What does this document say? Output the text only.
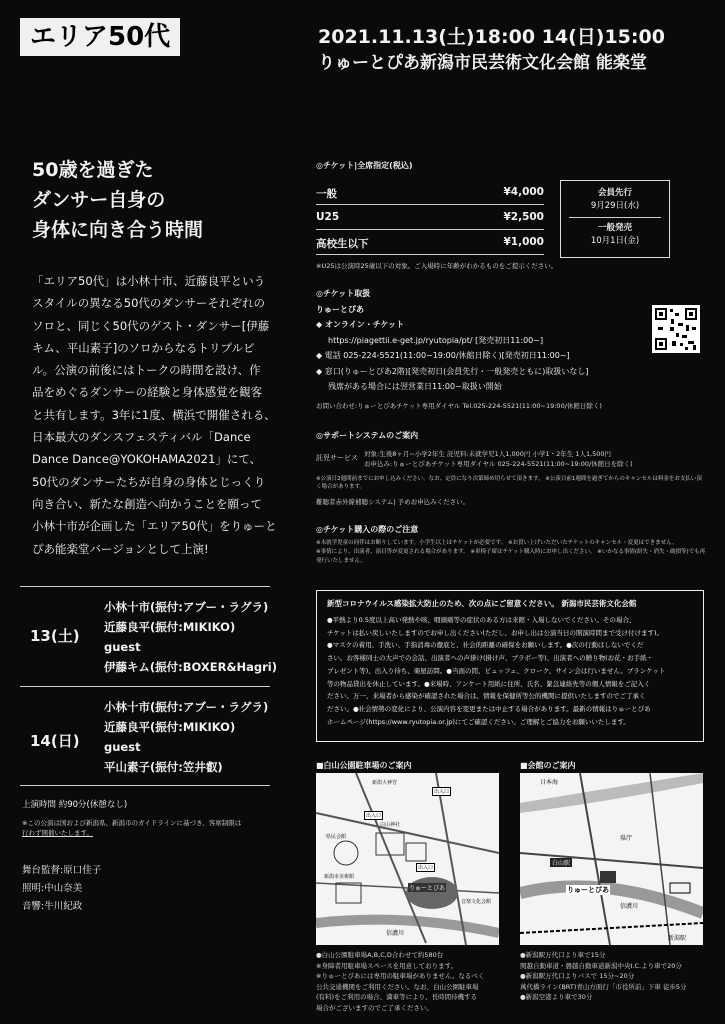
エリア50代	2021.11.13(土)18:00 14(日)15:00
りゅーとぴあ新潟市民芸術文化会館 能楽堂
50歳を過ぎた
ダンサー自身の
身体に向き合う時間
「エリア50代」は小林十市、近藤良平という
スタイルの異なる50代のダンサーそれぞれの
ソロと、同じく50代のゲスト・ダンサー[伊藤
キム、平山素子]のソロからなるトリプルビ
ル。公演の前後にはトークの時間を設け、作
品をめぐるダンサーの経験と身体感覚を観客
と共有します。3年に1度、横浜で開催される、
日本最大のダンスフェスティバル「Dance
Dance Dance@YOKOHAMA2021」にて、
50代のダンサーたちが自身の身体とじっくり
向き合い、新たな創造へ向かうことを願って
小林十市が企画した「エリア50代」をりゅーと
ぴあ能楽堂バージョンとして上演!
13(土)
小林十市(振付:アブー・ラグラ)
近藤良平(振付:MIKIKO)
guest
伊藤キム(振付:BOXER&Hagri)
14(日)
小林十市(振付:アブー・ラグラ)
近藤良平(振付:MIKIKO)
guest
平山素子(振付:笠井叡)
上演時間 約90分(休憩なし)
※この公演は国および新潟県、新潟市のガイドラインに基づき、客席制限は
行わず開催いたします。
舞台監督:原口佳子
照明:中山奈美
音響:牛川紀政
◎チケット|全席指定(税込)
一般	¥4,000
U25	¥2,500
高校生以下	¥1,000
会員先行
9月29日(水)
一般発売
10月1日(金)
※U25は公演時25歳以下の対象。ご入場時に年齢がわかるものをご提示ください。
◎チケット取扱
りゅーとぴあ
◆ オンライン・チケット
https://piagettii.e-get.jp/ryutopia/pt/ [発売初日11:00~]
◆ 電話 025-224-5521(11:00~19:00/休館日除く)[発売初日11:00~]
◆ 窓口(りゅーとぴあ2階)[発売初日(会員先行・一般発売ともに)取扱いなし]
残席がある場合には翌営業日11:00~取扱い開始
お問い合わせ:りゅーとぴあチケット専用ダイヤル Tel.025-224-5521(11:00~19:00/休館日除く)
◎サポートシステムのご案内
託児サービス 対象:生後8ヶ月~小学2年生 託児料:未就学児1人1,000円 小学1・2年生 1人1,500円
お申込み:りゅーとぴあチケット専用ダイヤル 025-224-5521(11:00~19:00/休館日を除く)
※公演日2週間前までにお申し込みください。なお、定員になり次第締め切らせて頂きます。 ※公演日前1週間を過ぎてからのキャンセルは料金をお支払い頂く場合があります。
難聴者赤外線補聴システム| 予めお申込みください。
◎チケット購入の際のご注意
※未就学児童の同伴はお断りしています。小学生以上はチケットが必要です。 ※お買い上げいただいたチケットのキャンセル・変更はできません。
※事情により、出演者、演目等が変更される場合があります。 ※車椅子席はチケット購入時にお申し出ください。 ※いかなる事情(紛失・消失・破損等)でも再発行いたしません。
新型コロナウイルス感染拡大防止のため、次の点にご留意ください。 新潟市民芸術文化会館
●平熱より0.5度以上高い発熱や咳、咽頭痛等の症状のある方は来館・入場しないでください。その場合、
チケットは払い戻しいたしますのでお申し出ください(ただし、お申し出は公演当日の開演時間まで受け付けます)。
●マスクの着用、手洗い、手指消毒の徹底と、社会的距離の確保をお願いします。●次の行動はしないでくだ
さい。お客様同士の大声での会話、出演者への声掛け(掛け声、ブラボー等)、出演者への贈り物(お花・お手紙・
プレゼント等)、出入り待ち、楽屋訪問。●当面の間、ビュッフェ、クローク、サイン会は行いません。ブランケット
等の物品貸出を休止しています。●来場時、アンケート用紙に住所、氏名、緊急連絡先等の個人情報をご記入く
ださい。万一、来場者から感染が確認された場合は、情報を保健所等公的機関に提供いたしますのでご了承く
ださい。●社会情勢の変化により、公演内容を変更または中止する場合があります。最新の情報はりゅーとぴあ
ホームページ(https://www.ryutopia.or.jp)にてご確認ください。ご理解とご協力をお願いいたします。
■白山公園駐車場のご案内
出入口
出入口
りゅーとぴあ
信濃川
新潟大神宮
白山神社
県民会館
新潟市美術館
音楽文化会館
出入口
●白山公園駐車場A,B,C,D合わせて約580台
※身障者用駐車場スペースを用意しております。
※りゅーとぴあには専用の駐車場がありません。なるべく
公共交通機関をご利用ください。なお、白山公園駐車場
(有料)をご利用の場合、満車等により、長時間待機する
場合がございますのでご了承ください。
■会館のご案内
日本海
白山駅
りゅーとぴあ
信濃川
新潟駅
県庁
●新潟駅万代口より車で15分
関越自動車道・磐越自動車道新潟中央I.C.より車で20分
●新潟駅万代口よりバスで 15分~20分
萬代橋ライン(BRT)青山方面行「市役所前」下車 徒歩5分
●新潟空港より車で30分
